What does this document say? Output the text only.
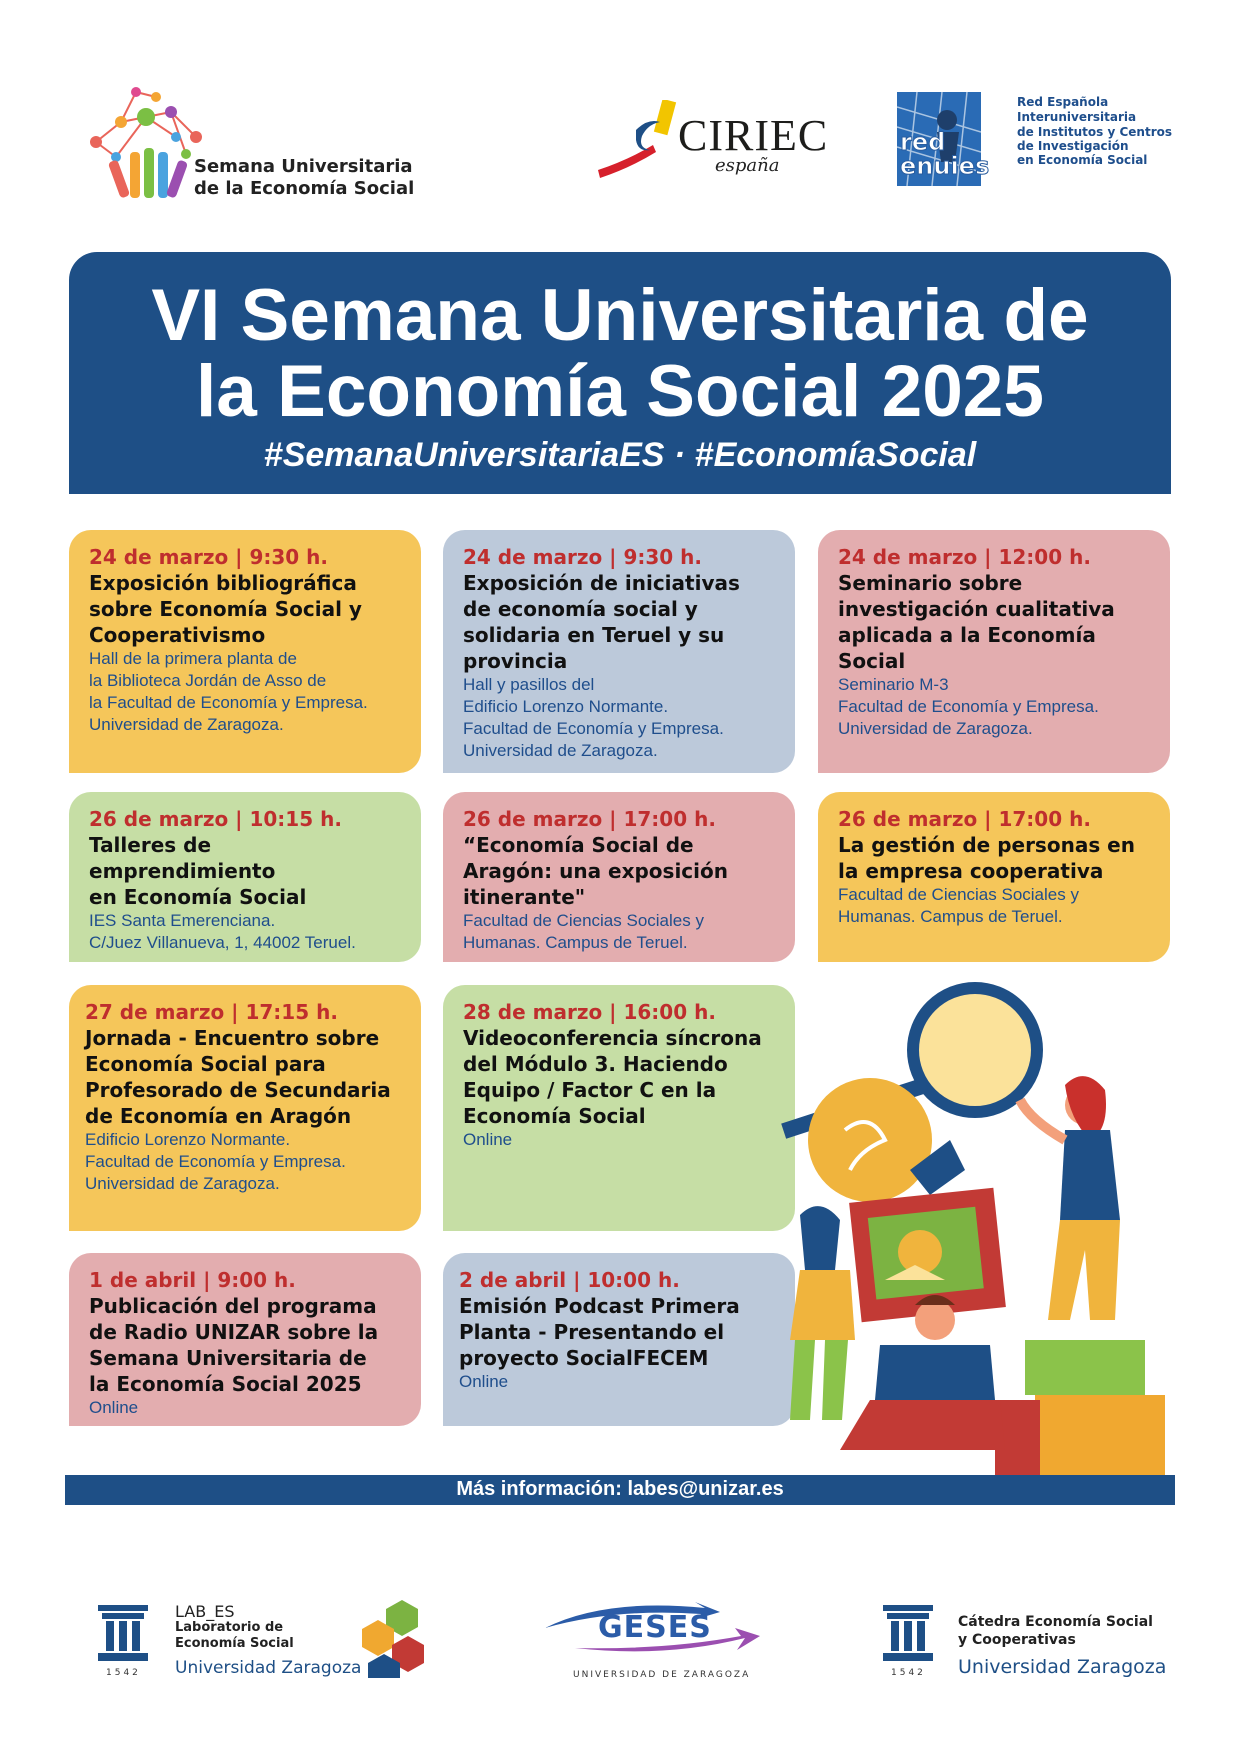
Semana Universitaria
de la Economía Social
CIRIEC
españa
red
enuies
Red Española
Interuniversitaria
de Institutos y Centros
de Investigación
en Economía Social
VI Semana Universitaria de
la Economía Social 2025
#SemanaUniversitariaES · #EconomíaSocial
24 de marzo | 9:30 h.
Exposición bibliográfica
sobre Economía Social y
Cooperativismo
Hall de la primera planta de
la Biblioteca Jordán de Asso de
la Facultad de Economía y Empresa.
Universidad de Zaragoza.
24 de marzo | 9:30 h.
Exposición de iniciativas
de economía social y
solidaria en Teruel y su
provincia
Hall y pasillos del
Edificio Lorenzo Normante.
Facultad de Economía y Empresa.
Universidad de Zaragoza.
24 de marzo | 12:00 h.
Seminario sobre
investigación cualitativa
aplicada a la Economía
Social
Seminario M-3
Facultad de Economía y Empresa.
Universidad de Zaragoza.
26 de marzo | 10:15 h.
Talleres de
emprendimiento
en Economía Social
IES Santa Emerenciana.
C/Juez Villanueva, 1, 44002 Teruel.
26 de marzo | 17:00 h.
“Economía Social de
Aragón: una exposición
itinerante"
Facultad de Ciencias Sociales y
Humanas. Campus de Teruel.
26 de marzo | 17:00 h.
La gestión de personas en
la empresa cooperativa
Facultad de Ciencias Sociales y
Humanas. Campus de Teruel.
27 de marzo | 17:15 h.
Jornada - Encuentro sobre
Economía Social para
Profesorado de Secundaria
de Economía en Aragón
Edificio Lorenzo Normante.
Facultad de Economía y Empresa.
Universidad de Zaragoza.
28 de marzo | 16:00 h.
Videoconferencia síncrona
del Módulo 3. Haciendo
Equipo / Factor C en la
Economía Social
Online
1 de abril | 9:00 h.
Publicación del programa
de Radio UNIZAR sobre la
Semana Universitaria de
la Economía Social 2025
Online
2 de abril | 10:00 h.
Emisión Podcast Primera
Planta - Presentando el
proyecto SocialFECEM
Online
Más información: labes@unizar.es
1542
LAB_ES
Laboratorio de
Economía Social
Universidad Zaragoza
GESES
UNIVERSIDAD DE ZARAGOZA	1542
Cátedra Economía Social
y Cooperativas
Universidad Zaragoza
